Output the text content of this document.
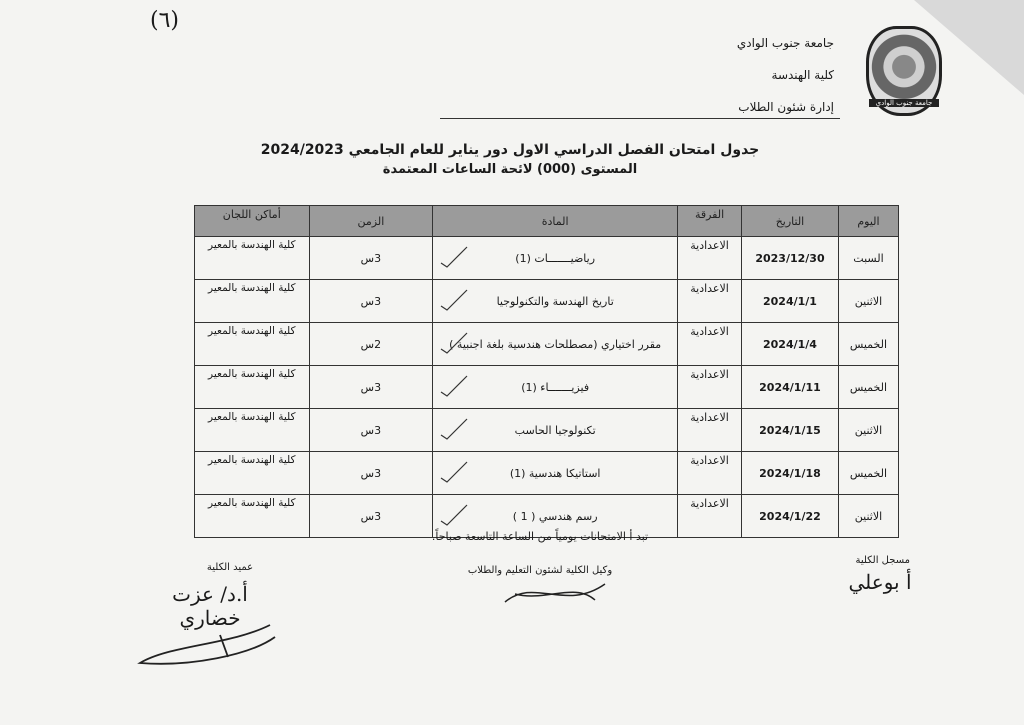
(٦)
جامعة جنوب الوادي
كلية الهندسة
إدارة شئون الطلاب	جامعة جنوب الوادي
جدول امتحان الفصل الدراسي الاول دور يناير للعام الجامعي 2024/2023
المستوى (000) لائحة الساعات المعتمدة
اليوم	التاريخ	الفرقة	المادة	الزمن	أماكن اللجان
السبت	2023/12/30	الاعدادية	رياضيـــــــات (1)	3س	كلية الهندسة بالمعير
الاثنين	2024/1/1	الاعدادية	تاريخ الهندسة والتكنولوجيا	3س	كلية الهندسة بالمعير
الخميس	2024/1/4	الاعدادية	مقرر اختياري (مصطلحات هندسية بلغة اجنبية )	2س	كلية الهندسة بالمعير
الخميس	2024/1/11	الاعدادية	فيزيـــــــاء (1)	3س	كلية الهندسة بالمعير
الاثنين	2024/1/15	الاعدادية	تكنولوجيا الحاسب	3س	كلية الهندسة بالمعير
الخميس	2024/1/18	الاعدادية	استاتيكا هندسية (1)	3س	كلية الهندسة بالمعير
الاثنين	2024/1/22	الاعدادية	رسم هندسي ( 1 )	3س	كلية الهندسة بالمعير
تبد أ الامتحانات يومياً من الساعة التاسعة صباحاً.
وكيل الكلية لشئون التعليم والطلاب
مسجل الكلية
أ بوعلي
عميد الكلية
أ.د/ عزت خضاري
